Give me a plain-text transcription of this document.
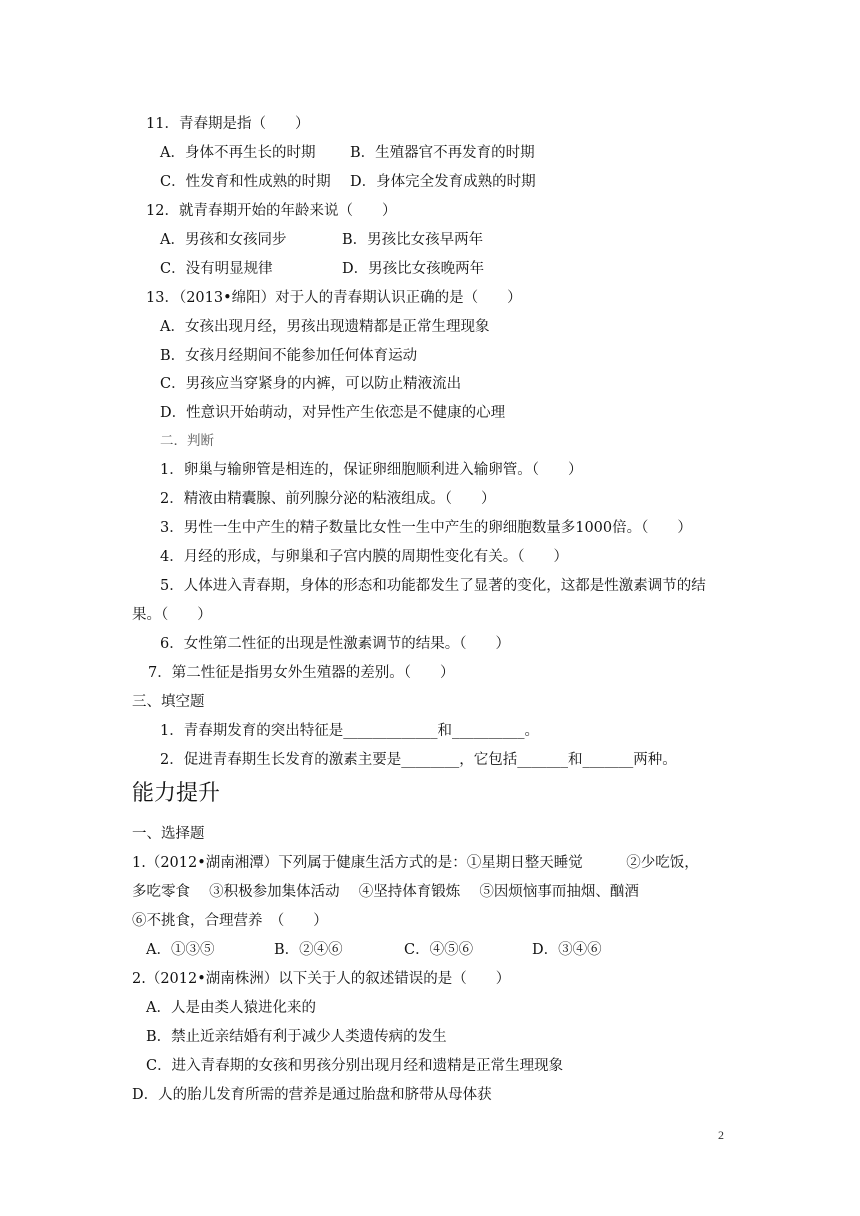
11．青春期是指（　　）
A．身体不再生长的时期 B．生殖器官不再发育的时期
C．性发育和性成熟的时期 D．身体完全发育成熟的时期
12．就青春期开始的年龄来说（　　）
A．男孩和女孩同步	B．男孩比女孩早两年
C．没有明显规律	D．男孩比女孩晚两年
13．（2013•绵阳）对于人的青春期认识正确的是（　　）
A．女孩出现月经，男孩出现遗精都是正常生理现象
B．女孩月经期间不能参加任何体育运动
C．男孩应当穿紧身的内裤，可以防止精液流出
D．性意识开始萌动，对异性产生依恋是不健康的心理
二．判断
1．卵巢与输卵管是相连的，保证卵细胞顺利进入输卵管。（　　）
2．精液由精囊腺、前列腺分泌的粘液组成。（　　）
3．男性一生中产生的精子数量比女性一生中产生的卵细胞数量多1000倍。（　　）
4．月经的形成，与卵巢和子宫内膜的周期性变化有关。（　　）
5．人体进入青春期，身体的形态和功能都发生了显著的变化，这都是性激素调节的结
果。（　　）
6．女性第二性征的出现是性激素调节的结果。（　　）
7．第二性征是指男女外生殖器的差别。（　　）
三、填空题
1．青春期发育的突出特征是_____________和__________。
2．促进青春期生长发育的激素主要是________，它包括_______和_______两种。
能力提升
一、选择题
1.（2012•湖南湘潭）下列属于健康生活方式的是：①星期日整天睡觉　　　②少吃饭，
多吃零食　 ③积极参加集体活动　 ④坚持体育锻炼　 ⑤因烦恼事而抽烟、酗酒
⑥不挑食，合理营养　（　　）
A．①③⑤	B．②④⑥	C．④⑤⑥	D．③④⑥
2.（2012•湖南株洲）以下关于人的叙述错误的是（　　）
A．人是由类人猿进化来的
B．禁止近亲结婚有利于减少人类遗传病的发生
C．进入青春期的女孩和男孩分别出现月经和遗精是正常生理现象
D．人的胎儿发育所需的营养是通过胎盘和脐带从母体获
2
